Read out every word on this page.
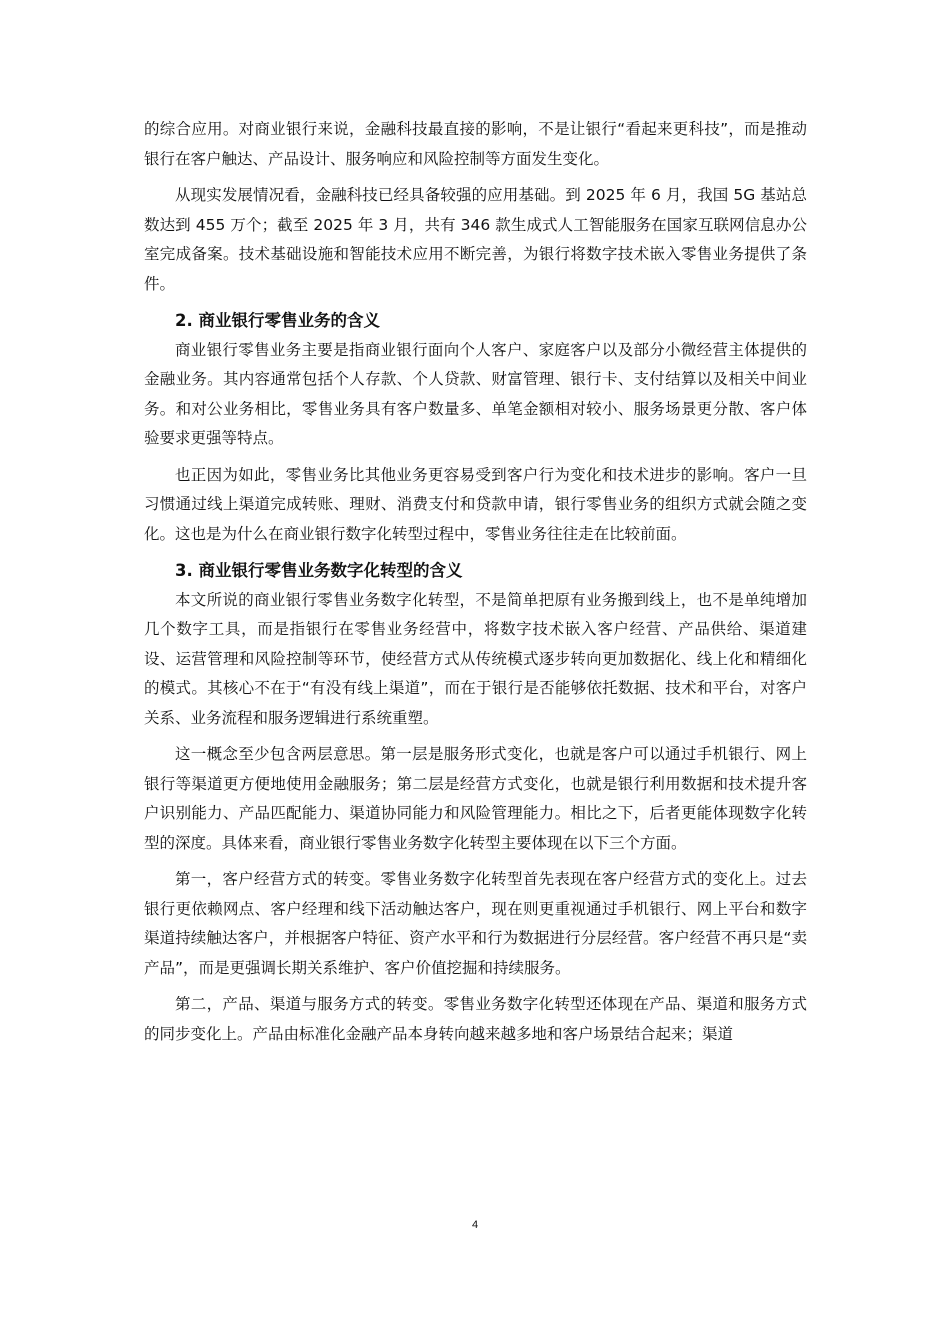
的综合应用。对商业银行来说，金融科技最直接的影响，不是让银行“看起来更科技”，而是推动银行在客户触达、产品设计、服务响应和风险控制等方面发生变化。

从现实发展情况看，金融科技已经具备较强的应用基础。到 2025 年 6 月，我国 5G 基站总数达到 455 万个；截至 2025 年 3 月，共有 346 款生成式人工智能服务在国家互联网信息办公室完成备案。技术基础设施和智能技术应用不断完善，为银行将数字技术嵌入零售业务提供了条件。

2. 商业银行零售业务的含义

商业银行零售业务主要是指商业银行面向个人客户、家庭客户以及部分小微经营主体提供的金融业务。其内容通常包括个人存款、个人贷款、财富管理、银行卡、支付结算以及相关中间业务。和对公业务相比，零售业务具有客户数量多、单笔金额相对较小、服务场景更分散、客户体验要求更强等特点。

也正因为如此，零售业务比其他业务更容易受到客户行为变化和技术进步的影响。客户一旦习惯通过线上渠道完成转账、理财、消费支付和贷款申请，银行零售业务的组织方式就会随之变化。这也是为什么在商业银行数字化转型过程中，零售业务往往走在比较前面。

3. 商业银行零售业务数字化转型的含义

本文所说的商业银行零售业务数字化转型，不是简单把原有业务搬到线上，也不是单纯增加几个数字工具，而是指银行在零售业务经营中，将数字技术嵌入客户经营、产品供给、渠道建设、运营管理和风险控制等环节，使经营方式从传统模式逐步转向更加数据化、线上化和精细化的模式。其核心不在于“有没有线上渠道”，而在于银行是否能够依托数据、技术和平台，对客户关系、业务流程和服务逻辑进行系统重塑。

这一概念至少包含两层意思。第一层是服务形式变化，也就是客户可以通过手机银行、网上银行等渠道更方便地使用金融服务；第二层是经营方式变化，也就是银行利用数据和技术提升客户识别能力、产品匹配能力、渠道协同能力和风险管理能力。相比之下，后者更能体现数字化转型的深度。具体来看，商业银行零售业务数字化转型主要体现在以下三个方面。

第一，客户经营方式的转变。零售业务数字化转型首先表现在客户经营方式的变化上。过去银行更依赖网点、客户经理和线下活动触达客户，现在则更重视通过手机银行、网上平台和数字渠道持续触达客户，并根据客户特征、资产水平和行为数据进行分层经营。客户经营不再只是“卖产品”，而是更强调长期关系维护、客户价值挖掘和持续服务。

第二，产品、渠道与服务方式的转变。零售业务数字化转型还体现在产品、渠道和服务方式的同步变化上。产品由标准化金融产品本身转向越来越多地和客户场景结合起来；渠道

4
